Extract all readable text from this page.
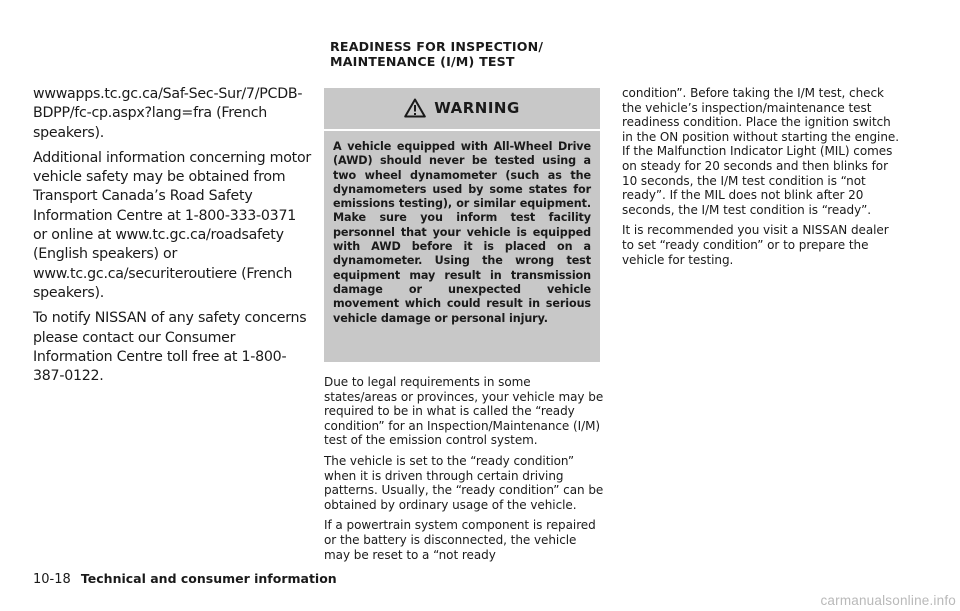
wwwapps.tc.gc.ca/Saf-Sec-Sur/7/PCDB-BDPP/fc-cp.aspx?lang=fra (French speakers).

Additional information concerning motor vehicle safety may be obtained from Transport Canada’s Road Safety Information Centre at 1-800-333-0371 or online at www.tc.gc.ca/roadsafety (English speakers) or www.tc.gc.ca/securiteroutiere (French speakers).

To notify NISSAN of any safety concerns please contact our Consumer Information Centre toll free at 1-800-387-0122.

READINESS FOR INSPECTION/ MAINTENANCE (I/M) TEST
WARNING

A vehicle equipped with All-Wheel Drive (AWD) should never be tested using a two wheel dynamometer (such as the dynamometers used by some states for emissions testing), or similar equipment. Make sure you inform test facility personnel that your vehicle is equipped with AWD before it is placed on a dynamometer. Using the wrong test equipment may result in transmission damage or unexpected vehicle movement which could result in serious vehicle damage or personal injury.

Due to legal requirements in some states/areas or provinces, your vehicle may be required to be in what is called the “ready condition” for an Inspection/Maintenance (I/M) test of the emission control system.

The vehicle is set to the “ready condition” when it is driven through certain driving patterns. Usually, the “ready condition” can be obtained by ordinary usage of the vehicle.

If a powertrain system component is repaired or the battery is disconnected, the vehicle may be reset to a “not ready

condition”. Before taking the I/M test, check the vehicle’s inspection/maintenance test readiness condition. Place the ignition switch in the ON position without starting the engine. If the Malfunction Indicator Light (MIL) comes on steady for 20 seconds and then blinks for 10 seconds, the I/M test condition is “not ready”. If the MIL does not blink after 20 seconds, the I/M test condition is “ready”.

It is recommended you visit a NISSAN dealer to set “ready condition” or to prepare the vehicle for testing.

10-18 Technical and consumer information
carmanualsonline.info
